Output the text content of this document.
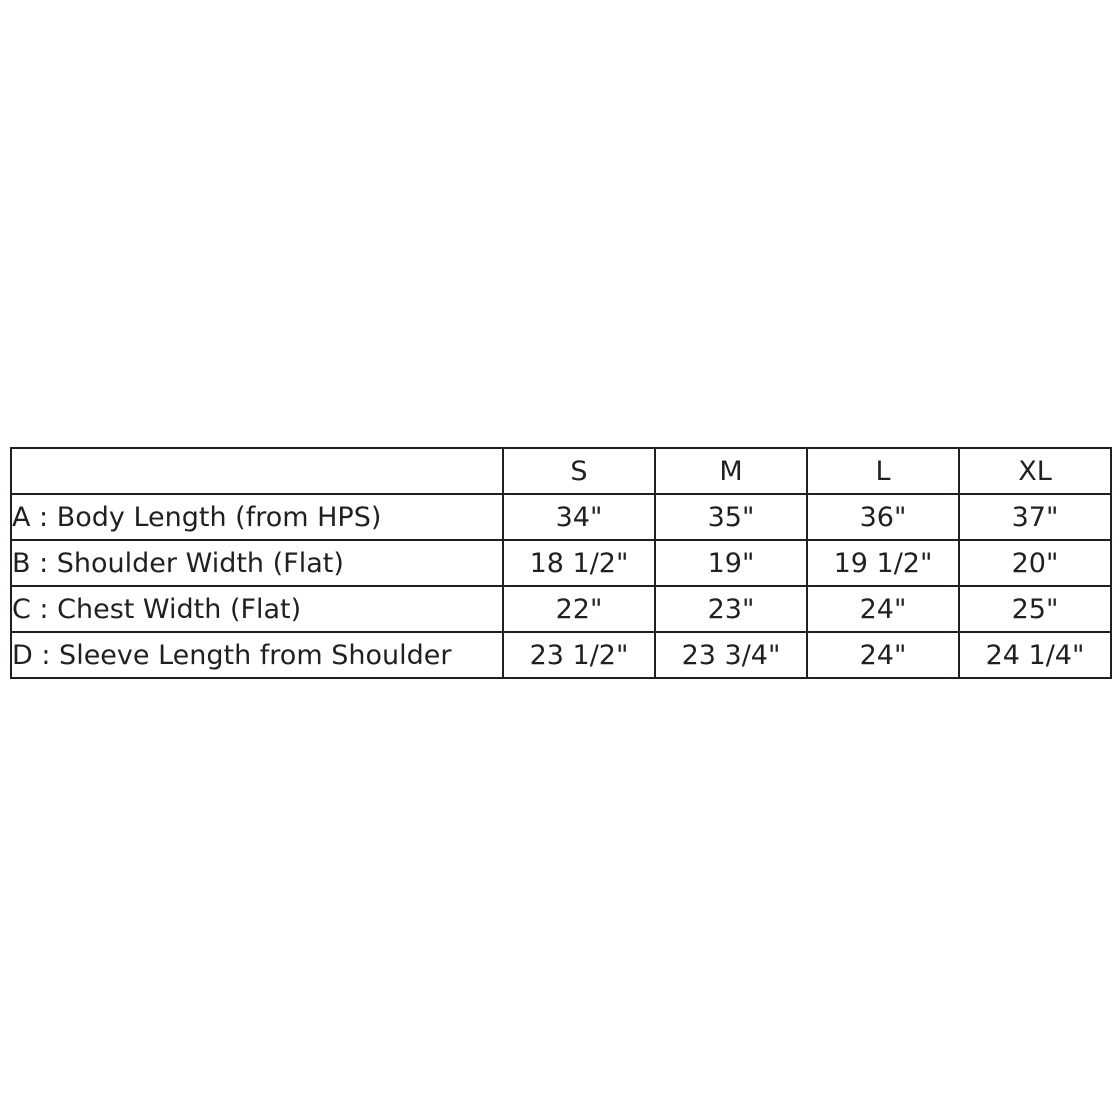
	S	M	L	XL
A : Body Length (from HPS)	34"	35"	36"	37"
B : Shoulder Width (Flat)	18 1/2"	19"	19 1/2"	20"
C : Chest Width (Flat)	22"	23"	24"	25"
D : Sleeve Length from Shoulder	23 1/2"	23 3/4"	24"	24 1/4"
